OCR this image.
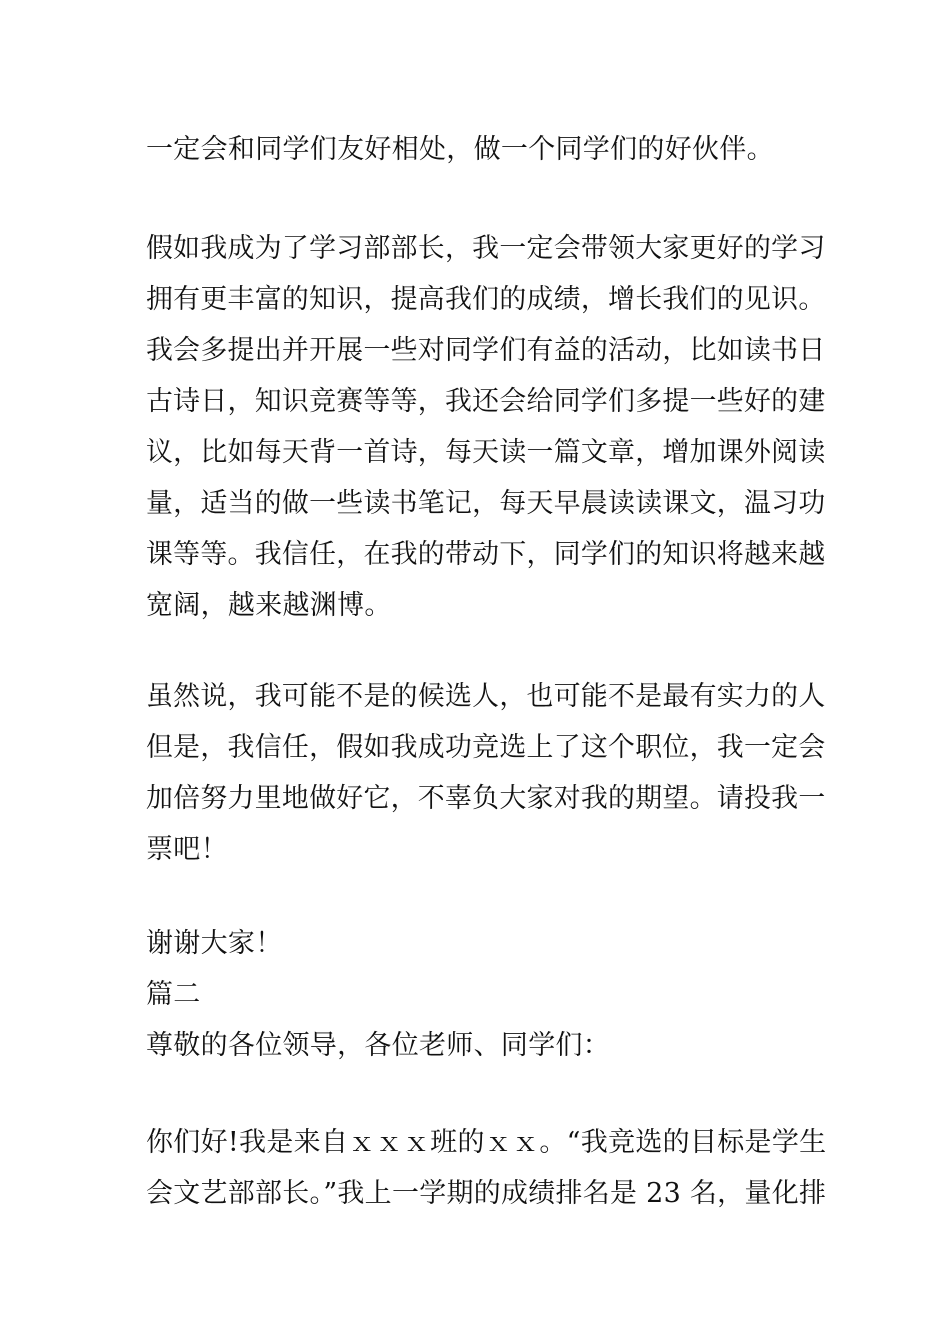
一定会和同学们友好相处，做一个同学们的好伙伴。
假如我成为了学习部部长，我一定会带领大家更好的学习
拥有更丰富的知识，提高我们的成绩，增长我们的见识。
我会多提出并开展一些对同学们有益的活动，比如读书日
古诗日，知识竞赛等等，我还会给同学们多提一些好的建
议，比如每天背一首诗，每天读一篇文章，增加课外阅读
量，适当的做一些读书笔记，每天早晨读读课文，温习功
课等等。我信任，在我的带动下，同学们的知识将越来越
宽阔，越来越渊博。
虽然说，我可能不是的候选人，也可能不是最有实力的人
但是，我信任，假如我成功竞选上了这个职位，我一定会
加倍努力里地做好它，不辜负大家对我的期望。请投我一
票吧！
谢谢大家！
篇二
尊敬的各位领导，各位老师、同学们：
你们好!我是来自ｘｘｘ班的ｘｘ。“我竞选的目标是学生
会文艺部部长。”我上一学期的成绩排名是 23 名，量化排
